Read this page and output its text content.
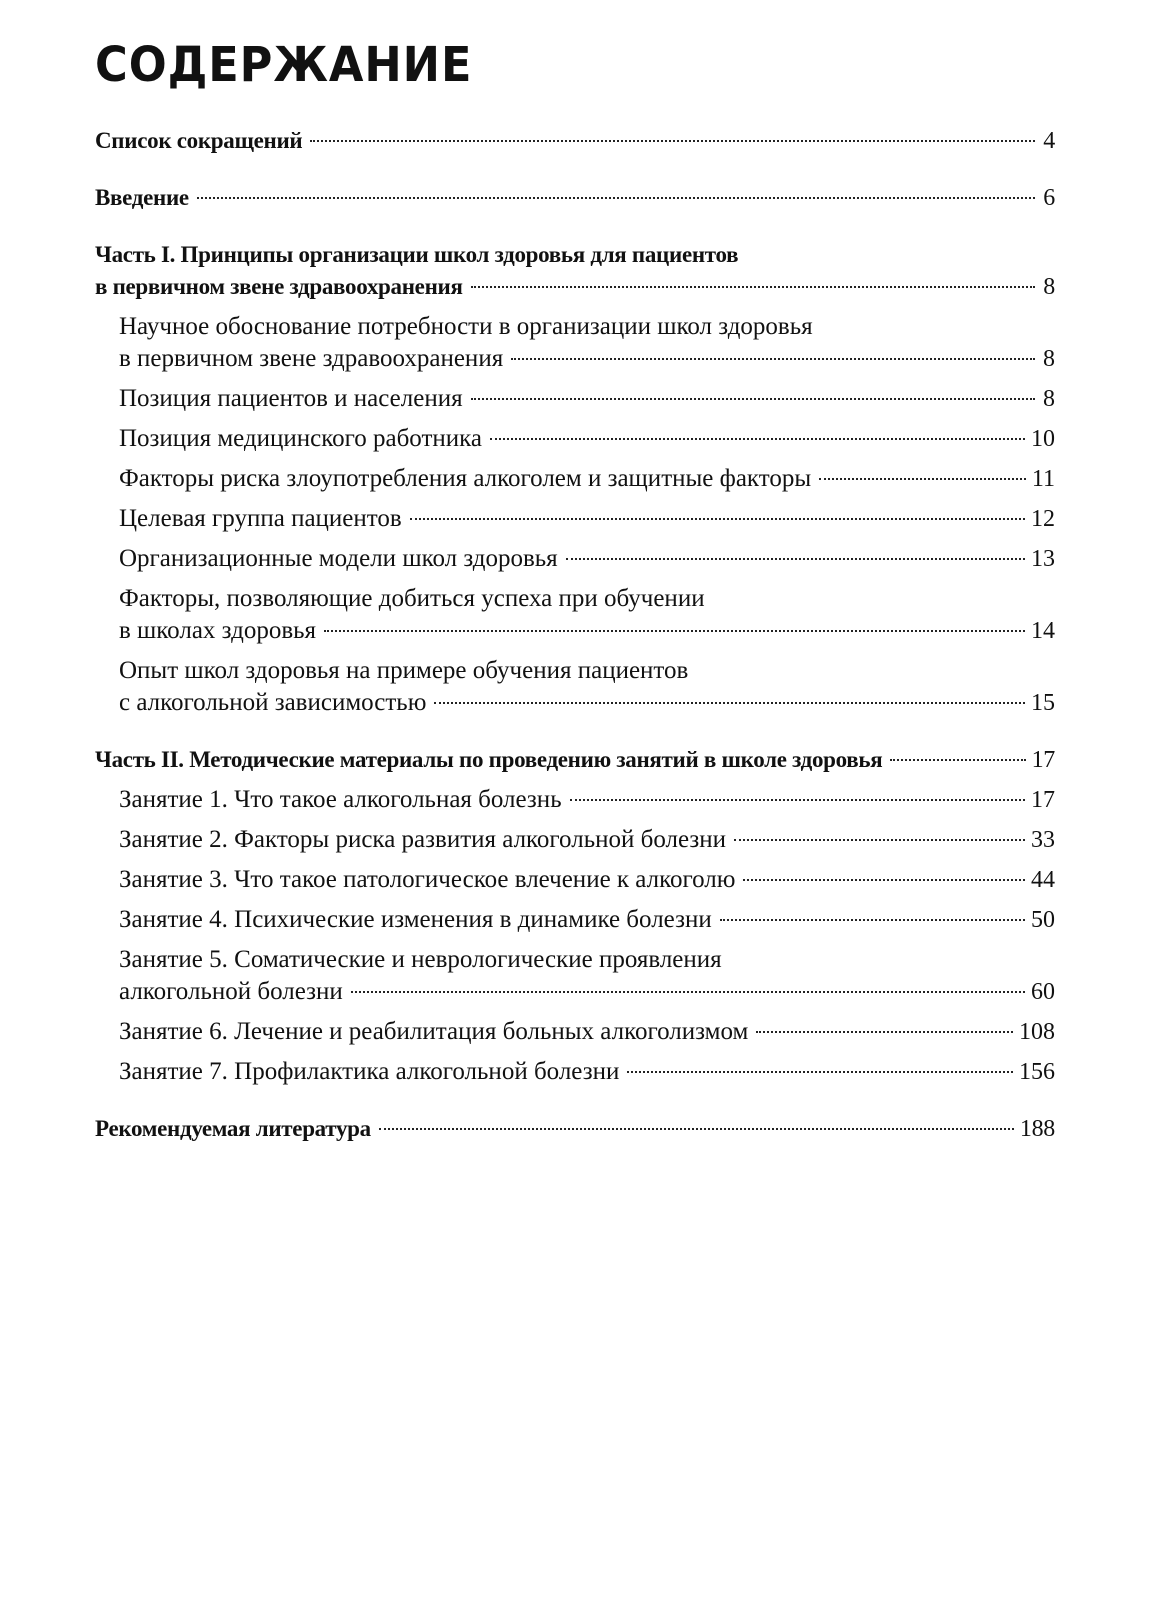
СОДЕРЖАНИЕ
Список сокращений	4
Введение	6
Часть I. Принципы организации школ здоровья для пациентов
в первичном звене здравоохранения	8
Научное обоснование потребности в организации школ здоровья
в первичном звене здравоохранения	8
Позиция пациентов и населения	8
Позиция медицинского работника	10
Факторы риска злоупотребления алкоголем и защитные факторы	11
Целевая группа пациентов	12
Организационные модели школ здоровья	13
Факторы, позволяющие добиться успеха при обучении
в школах здоровья	14
Опыт школ здоровья на примере обучения пациентов
с алкогольной зависимостью	15
Часть II. Методические материалы по проведению занятий в школе здоровья	17
Занятие 1. Что такое алкогольная болезнь	17
Занятие 2. Факторы риска развития алкогольной болезни	33
Занятие 3. Что такое патологическое влечение к алкоголю	44
Занятие 4. Психические изменения в динамике болезни	50
Занятие 5. Соматические и неврологические проявления
алкогольной болезни	60
Занятие 6. Лечение и реабилитация больных алкоголизмом	108
Занятие 7. Профилактика алкогольной болезни	156
Рекомендуемая литература	188
